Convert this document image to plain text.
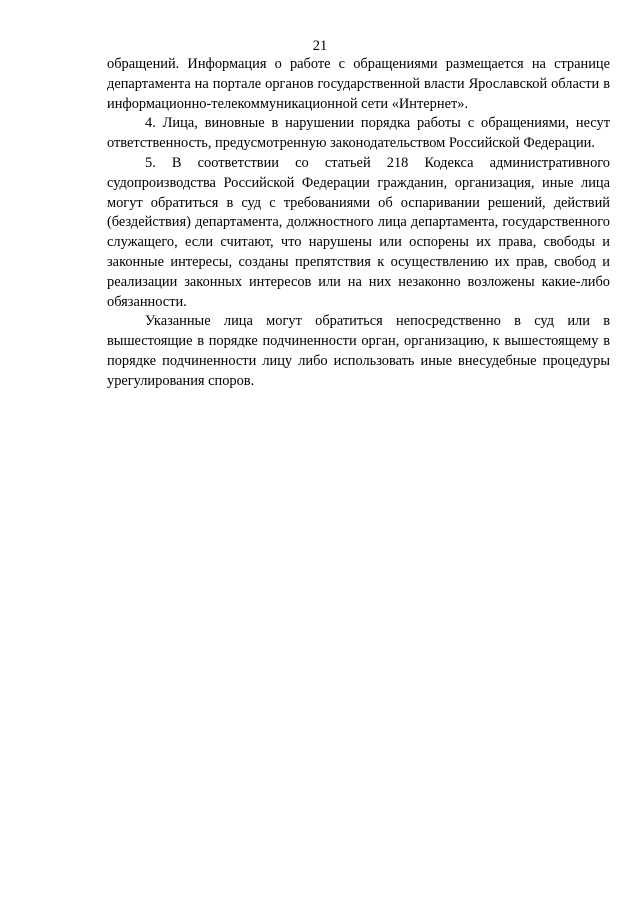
21

обращений. Информация о работе с обращениями размещается на странице департамента на портале органов государственной власти Ярославской области в информационно-телекоммуникационной сети «Интернет».

4. Лица, виновные в нарушении порядка работы с обращениями, несут ответственность, предусмотренную законодательством Российской Федерации.

5. В соответствии со статьей 218 Кодекса административного судопроизводства Российской Федерации гражданин, организация, иные лица могут обратиться в суд с требованиями об оспаривании решений, действий (бездействия) департамента, должностного лица департамента, государственного служащего, если считают, что нарушены или оспорены их права, свободы и законные интересы, созданы препятствия к осуществлению их прав, свобод и реализации законных интересов или на них незаконно возложены какие-либо обязанности.

Указанные лица могут обратиться непосредственно в суд или в вышестоящие в порядке подчиненности орган, организацию, к вышестоящему в порядке подчиненности лицу либо использовать иные внесудебные процедуры урегулирования споров.
